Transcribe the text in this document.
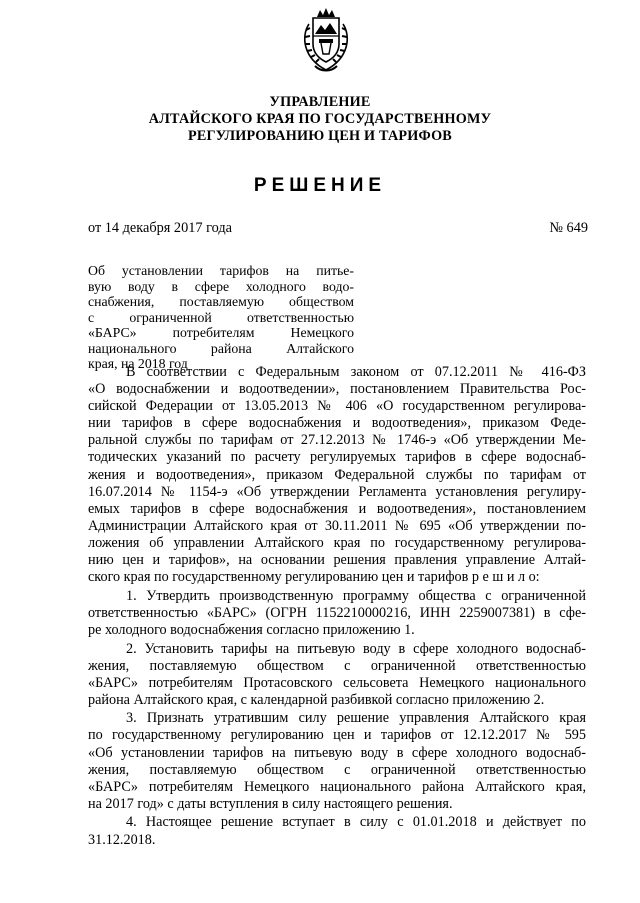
УПРАВЛЕНИЕ
АЛТАЙСКОГО КРАЯ ПО ГОСУДАРСТВЕННОМУ
РЕГУЛИРОВАНИЮ ЦЕН И ТАРИФОВ
РЕШЕНИЕ
от 14 декабря 2017 года	№ 649
Об установлении тарифов на питье-
вую воду в сфере холодного водо-
снабжения, поставляемую обществом
с ограниченной ответственностью
«БАРС» потребителям Немецкого
национального района Алтайского
края, на 2018 год
В соответствии с Федеральным законом от 07.12.2011 № 416-ФЗ
«О водоснабжении и водоотведении», постановлением Правительства Рос-
сийской Федерации от 13.05.2013 № 406 «О государственном регулирова-
нии тарифов в сфере водоснабжения и водоотведения», приказом Феде-
ральной службы по тарифам от 27.12.2013 № 1746-э «Об утверждении Ме-
тодических указаний по расчету регулируемых тарифов в сфере водоснаб-
жения и водоотведения», приказом Федеральной службы по тарифам от
16.07.2014 № 1154-э «Об утверждении Регламента установления регулиру-
емых тарифов в сфере водоснабжения и водоотведения», постановлением
Администрации Алтайского края от 30.11.2011 № 695 «Об утверждении по-
ложения об управлении Алтайского края по государственному регулирова-
нию цен и тарифов», на основании решения правления управление Алтай-
ского края по государственному регулированию цен и тарифов р е ш и л о:
1. Утвердить производственную программу общества с ограниченной
ответственностью «БАРС» (ОГРН 1152210000216, ИНН 2259007381) в сфе-
ре холодного водоснабжения согласно приложению 1.
2. Установить тарифы на питьевую воду в сфере холодного водоснаб-
жения, поставляемую обществом с ограниченной ответственностью
«БАРС» потребителям Протасовского сельсовета Немецкого национального
района Алтайского края, с календарной разбивкой согласно приложению 2.
3. Признать утратившим силу решение управления Алтайского края
по государственному регулированию цен и тарифов от 12.12.2017 № 595
«Об установлении тарифов на питьевую воду в сфере холодного водоснаб-
жения, поставляемую обществом с ограниченной ответственностью
«БАРС» потребителям Немецкого национального района Алтайского края,
на 2017 год» с даты вступления в силу настоящего решения.
4. Настоящее решение вступает в силу с 01.01.2018 и действует по
31.12.2018.
